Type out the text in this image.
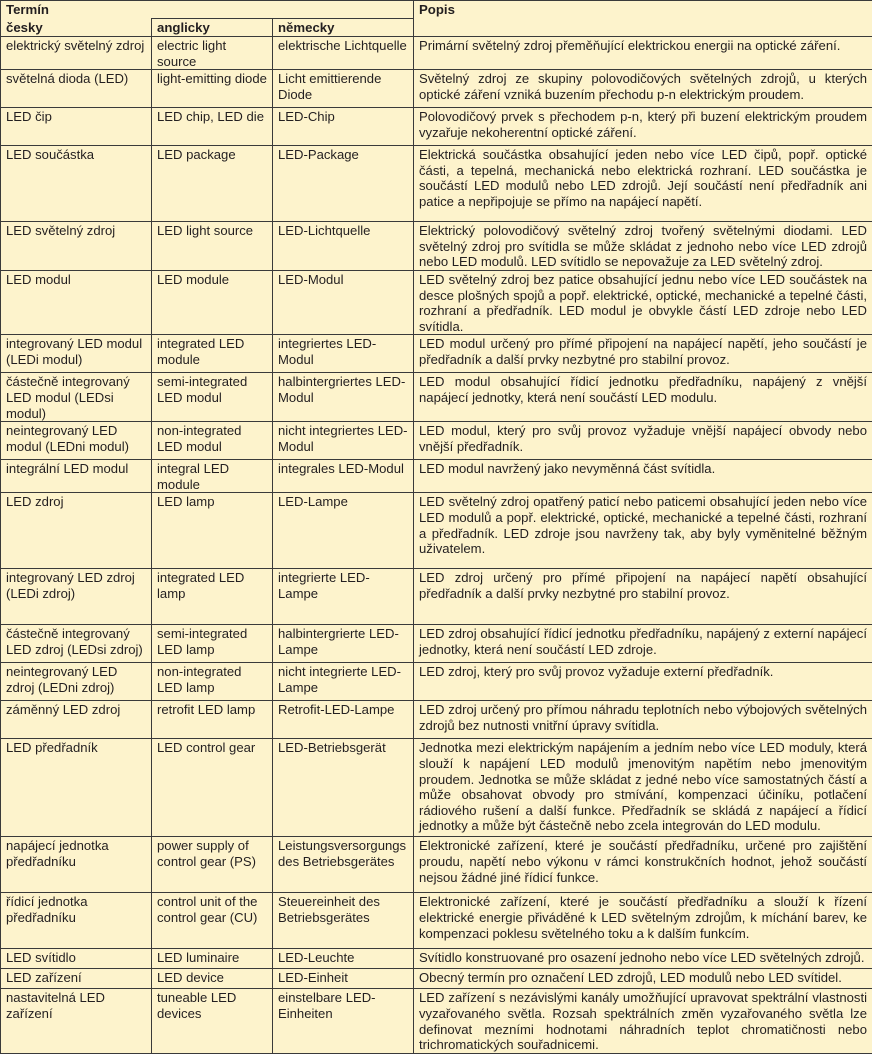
Termín			Popis
česky	anglicky	německy	
elektrický světelný zdroj	electric light source	elektrische Lichtquelle	Primární světelný zdroj přeměňující elektrickou energii na optické záření.
světelná dioda (LED)	light-emitting diode	Licht emittierende Diode	Světelný zdroj ze skupiny polovodičových světelných zdrojů, u kterých optické záření vzniká buzením přechodu p-n elektrickým proudem.
LED čip	LED chip, LED die	LED-Chip	Polovodičový prvek s přechodem p-n, který při buzení elektrickým proudem vyzařuje nekoherentní optické záření.
LED součástka	LED package	LED-Package	Elektrická součástka obsahující jeden nebo více LED čipů, popř. optické části, a tepelná, mechanická nebo elektrická rozhraní. LED součástka je součástí LED modulů nebo LED zdrojů. Její součástí není předřadník ani patice a nepřipojuje se přímo na napájecí napětí.
LED světelný zdroj	LED light source	LED-Lichtquelle	Elektrický polovodičový světelný zdroj tvořený světelnými diodami. LED světelný zdroj pro svítidla se může skládat z jednoho nebo více LED zdrojů nebo LED modulů. LED svítidlo se nepovažuje za LED světelný zdroj.
LED modul	LED module	LED-Modul	LED světelný zdroj bez patice obsahující jednu nebo více LED součástek na desce plošných spojů a popř. elektrické, optické, mechanické a tepelné části, rozhraní a předřadník. LED modul je obvykle částí LED zdroje nebo LED svítidla.
integrovaný LED modul (LEDi modul)	integrated LED module	integriertes LED-Modul	LED modul určený pro přímé připojení na napájecí napětí, jeho součástí je předřadník a další prvky nezbytné pro stabilní provoz.
částečně integrovaný LED modul (LEDsi modul)	semi-integrated LED modul	halbintergriertes LED-Modul	LED modul obsahující řídicí jednotku předřadníku, napájený z vnější napájecí jednotky, která není součástí LED modulu.
neintegrovaný LED modul (LEDni modul)	non-integrated LED modul	nicht integriertes LED-Modul	LED modul, který pro svůj provoz vyžaduje vnější napájecí obvody nebo vnější předřadník.
integrální LED modul	integral LED module	integrales LED-Modul	LED modul navržený jako nevyměnná část svítidla.
LED zdroj	LED lamp	LED-Lampe	LED světelný zdroj opatřený paticí nebo paticemi obsahující jeden nebo více LED modulů a popř. elektrické, optické, mechanické a tepelné části, rozhraní a předřadník. LED zdroje jsou navrženy tak, aby byly vyměnitelné běžným uživatelem.
integrovaný LED zdroj (LEDi zdroj)	integrated LED lamp	integrierte LED-Lampe	LED zdroj určený pro přímé připojení na napájecí napětí obsahující předřadník a další prvky nezbytné pro stabilní provoz.
částečně integrovaný LED zdroj (LEDsi zdroj)	semi-integrated LED lamp	halbintergrierte LED-Lampe	LED zdroj obsahující řídicí jednotku předřadníku, napájený z externí napájecí jednotky, která není součástí LED zdroje.
neintegrovaný LED zdroj (LEDni zdroj)	non-integrated LED lamp	nicht integrierte LED-Lampe	LED zdroj, který pro svůj provoz vyžaduje externí předřadník.
záměnný LED zdroj	retrofit LED lamp	Retrofit-LED-Lampe	LED zdroj určený pro přímou náhradu teplotních nebo výbojových světelných zdrojů bez nutnosti vnitřní úpravy svítidla.
LED předřadník	LED control gear	LED-Betriebsgerät	Jednotka mezi elektrickým napájením a jedním nebo více LED moduly, která slouží k napájení LED modulů jmenovitým napětím nebo jmenovitým proudem. Jednotka se může skládat z jedné nebo více samostatných částí a může obsahovat obvody pro stmívání, kompenzaci účiníku, potlačení rádiového rušení a další funkce. Předřadník se skládá z napájecí a řídicí jednotky a může být částečně nebo zcela integrován do LED modulu.
napájecí jednotka předřadníku	power supply of control gear (PS)	Leistungsversorgungs des Betriebsgerätes	Elektronické zařízení, které je součástí předřadníku, určené pro zajištění proudu, napětí nebo výkonu v rámci konstrukčních hodnot, jehož součástí nejsou žádné jiné řídicí funkce.
řídicí jednotka předřadníku	control unit of the control gear (CU)	Steuereinheit des Betriebsgerätes	Elektronické zařízení, které je součástí předřadníku a slouží k řízení elektrické energie přiváděné k LED světelným zdrojům, k míchání barev, ke kompenzaci poklesu světelného toku a k dalším funkcím.
LED svítidlo	LED luminaire	LED-Leuchte	Svítidlo konstruované pro osazení jednoho nebo více LED světelných zdrojů.
LED zařízení	LED device	LED-Einheit	Obecný termín pro označení LED zdrojů, LED modulů nebo LED svítidel.
nastavitelná LED zařízení	tuneable LED devices	einstelbare LED-Einheiten	LED zařízení s nezávislými kanály umožňující upravovat spektrální vlastnosti vyzařovaného světla. Rozsah spektrálních změn vyzařovaného světla lze definovat mezními hodnotami náhradních teplot chromatičnosti nebo trichromatických souřadnicemi.
